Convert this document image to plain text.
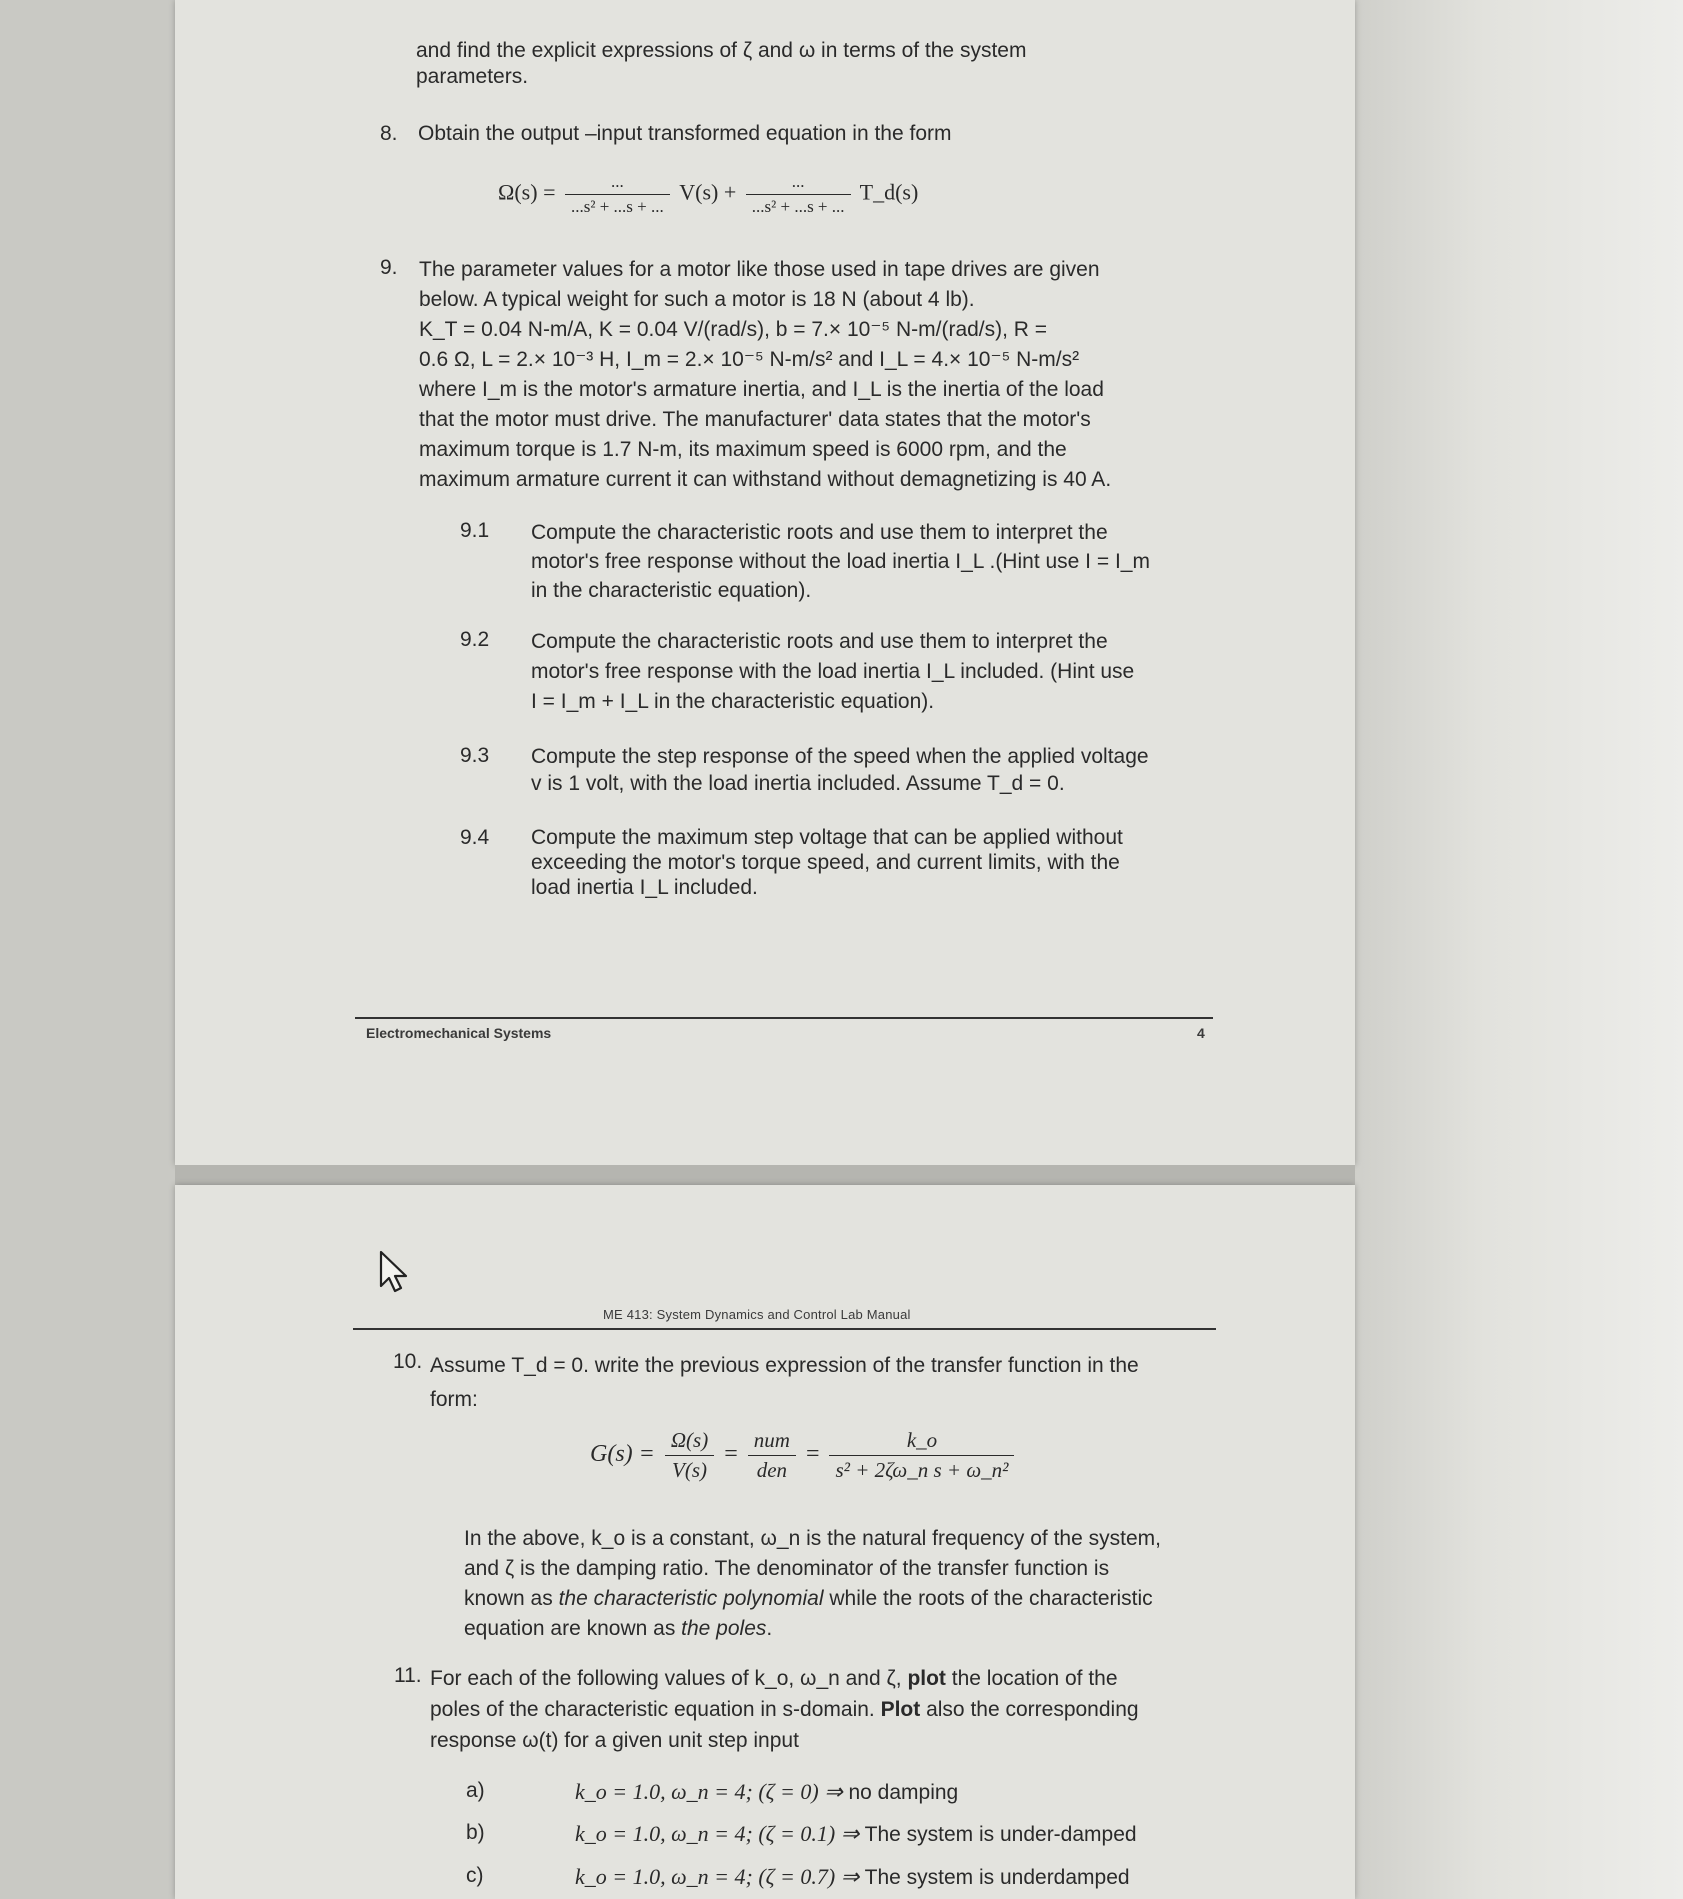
and find the explicit expressions of ζ and ω in terms of the system
parameters.
8. Obtain the output –input transformed equation in the form
$\Omega(s) = \frac{...}{\text{...s² + ...s + ...}} V(s) + \frac{...}{\text{...s² + ...s + ...}}$ T_d(s)
9. The parameter values for a motor like those used in tape drives are given
below. A typical weight for such a motor is 18 N (about 4 lb).
K_T = 0.04 N-m/A, K = 0.04 V/(rad/s), b = 7.× 10⁻⁵ N-m/(rad/s), R =
0.6 Ω, L = 2.× 10⁻³ H, I_m = 2.× 10⁻⁵ N-m/s² and I_L = 4.× 10⁻⁵ N-m/s²
where I_m is the motor's armature inertia, and I_L is the inertia of the load
that the motor must drive. The manufacturer' data states that the motor's
maximum torque is 1.7 N-m, its maximum speed is 6000 rpm, and the
maximum armature current it can withstand without demagnetizing is 40 A.
9.1 Compute the characteristic roots and use them to interpret the
motor's free response without the load inertia I_L .(Hint use I = I_m
in the characteristic equation).
9.2 Compute the characteristic roots and use them to interpret the
motor's free response with the load inertia I_L included. (Hint use
I = I_m + I_L in the characteristic equation).
9.3 Compute the step response of the speed when the applied voltage
v is 1 volt, with the load inertia included. Assume T_d = 0.
9.4 Compute the maximum step voltage that can be applied without
exceeding the motor's torque speed, and current limits, with the
load inertia I_L included.
Electromechanical Systems	4
ME 413: System Dynamics and Control Lab Manual
10. Assume T_d = 0. write the previous expression of the transfer function in the
form:
$G(s) = \frac{\Omega(s)}{V(s)} = \frac{\text{num}}{\text{den}} = \frac{k\_o}{\text{s² + 2ζω\_n s + ω\_n²}}$
In the above, k_o is a constant, ω_n is the natural frequency of the system,
and ζ is the damping ratio. The denominator of the transfer function is
known as the characteristic polynomial while the roots of the characteristic
equation are known as the poles.
11. For each of the following values of k_o, ω_n and ζ, plot the location of the
poles of the characteristic equation in s-domain. Plot also the corresponding
response ω(t) for a given unit step input
a)	k_o = 1.0, ω_n = 4; (ζ = 0) ⇒ no damping
b)	k_o = 1.0, ω_n = 4; (ζ = 0.1) ⇒ The system is under-damped
c)	k_o = 1.0, ω_n = 4; (ζ = 0.7) ⇒ The system is underdamped
